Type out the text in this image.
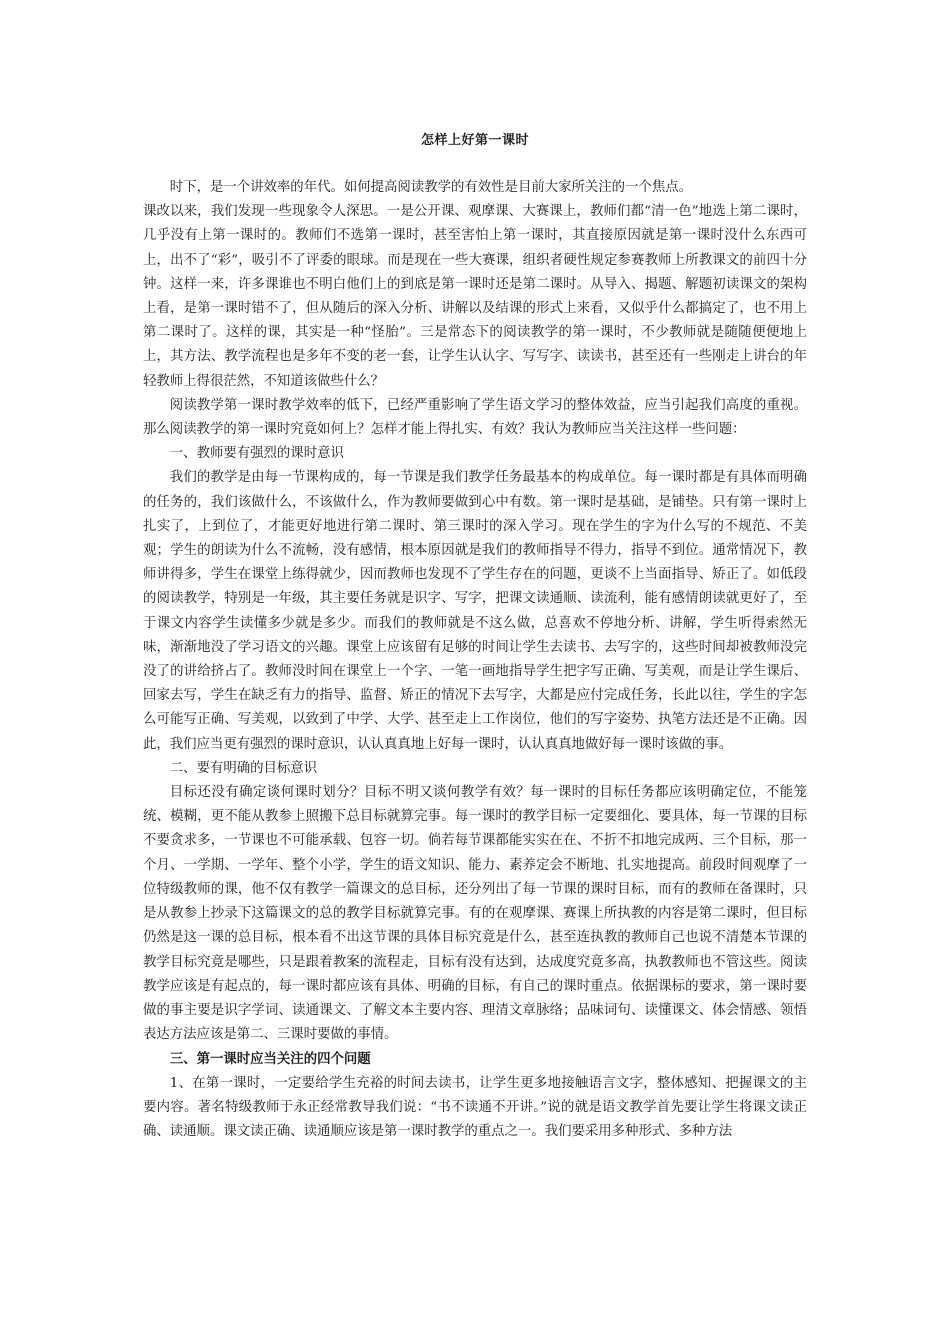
怎样上好第一课时

时下，是一个讲效率的年代。如何提高阅读教学的有效性是目前大家所关注的一个焦点。

课改以来，我们发现一些现象令人深思。一是公开课、观摩课、大赛课上，教师们都“清一色”地选上第二课时，几乎没有上第一课时的。教师们不选第一课时，甚至害怕上第一课时，其直接原因就是第一课时没什么东西可上，出不了“彩”，吸引不了评委的眼球。而是现在一些大赛课，组织者硬性规定参赛教师上所教课文的前四十分钟。这样一来，许多课谁也不明白他们上的到底是第一课时还是第二课时。从导入、揭题、解题初读课文的架构上看，是第一课时错不了，但从随后的深入分析、讲解以及结课的形式上来看，又似乎什么都搞定了，也不用上第二课时了。这样的课，其实是一种“怪胎”。三是常态下的阅读教学的第一课时，不少教师就是随随便便地上上，其方法、教学流程也是多年不变的老一套，让学生认认字、写写字、读读书，甚至还有一些刚走上讲台的年轻教师上得很茫然，不知道该做些什么？

阅读教学第一课时教学效率的低下，已经严重影响了学生语文学习的整体效益，应当引起我们高度的重视。那么阅读教学的第一课时究竟如何上？怎样才能上得扎实、有效？我认为教师应当关注这样一些问题：

一、教师要有强烈的课时意识

我们的教学是由每一节课构成的，每一节课是我们教学任务最基本的构成单位。每一课时都是有具体而明确的任务的，我们该做什么，不该做什么，作为教师要做到心中有数。第一课时是基础，是铺垫。只有第一课时上扎实了，上到位了，才能更好地进行第二课时、第三课时的深入学习。现在学生的字为什么写的不规范、不美观；学生的朗读为什么不流畅，没有感情，根本原因就是我们的教师指导不得力，指导不到位。通常情况下，教师讲得多，学生在课堂上练得就少，因而教师也发现不了学生存在的问题，更谈不上当面指导、矫正了。如低段的阅读教学，特别是一年级，其主要任务就是识字、写字，把课文读通顺、读流利，能有感情朗读就更好了，至于课文内容学生读懂多少就是多少。而我们的教师就是不这么做，总喜欢不停地分析、讲解，学生听得索然无味，渐渐地没了学习语文的兴趣。课堂上应该留有足够的时间让学生去读书、去写字的，这些时间却被教师没完没了的讲给挤占了。教师没时间在课堂上一个字、一笔一画地指导学生把字写正确、写美观，而是让学生课后、回家去写，学生在缺乏有力的指导、监督、矫正的情况下去写字，大都是应付完成任务，长此以往，学生的字怎么可能写正确、写美观，以致到了中学、大学、甚至走上工作岗位，他们的写字姿势、执笔方法还是不正确。因此，我们应当更有强烈的课时意识，认认真真地上好每一课时，认认真真地做好每一课时该做的事。

二、要有明确的目标意识

目标还没有确定谈何课时划分？目标不明又谈何教学有效？每一课时的目标任务都应该明确定位，不能笼统、模糊，更不能从教参上照搬下总目标就算完事。每一课时的教学目标一定要细化、要具体，每一节课的目标不要贪求多，一节课也不可能承载、包容一切。倘若每节课都能实实在在、不折不扣地完成两、三个目标，那一个月、一学期、一学年、整个小学，学生的语文知识、能力、素养定会不断地、扎实地提高。前段时间观摩了一位特级教师的课，他不仅有教学一篇课文的总目标，还分列出了每一节课的课时目标，而有的教师在备课时，只是从教参上抄录下这篇课文的总的教学目标就算完事。有的在观摩课、赛课上所执教的内容是第二课时，但目标仍然是这一课的总目标，根本看不出这节课的具体目标究竟是什么，甚至连执教的教师自己也说不清楚本节课的教学目标究竟是哪些，只是跟着教案的流程走，目标有没有达到，达成度究竟多高，执教教师也不管这些。阅读教学应该是有起点的，每一课时都应该有具体、明确的目标，有自己的课时重点。依据课标的要求，第一课时要做的事主要是识字学词、读通课文、了解文本主要内容、理清文章脉络；品味词句、读懂课文、体会情感、领悟表达方法应该是第二、三课时要做的事情。

三、第一课时应当关注的四个问题

1、在第一课时，一定要给学生充裕的时间去读书，让学生更多地接触语言文字，整体感知、把握课文的主要内容。著名特级教师于永正经常教导我们说：“书不读通不开讲。”说的就是语文教学首先要让学生将课文读正确、读通顺。课文读正确、读通顺应该是第一课时教学的重点之一。我们要采用多种形式、多种方法
